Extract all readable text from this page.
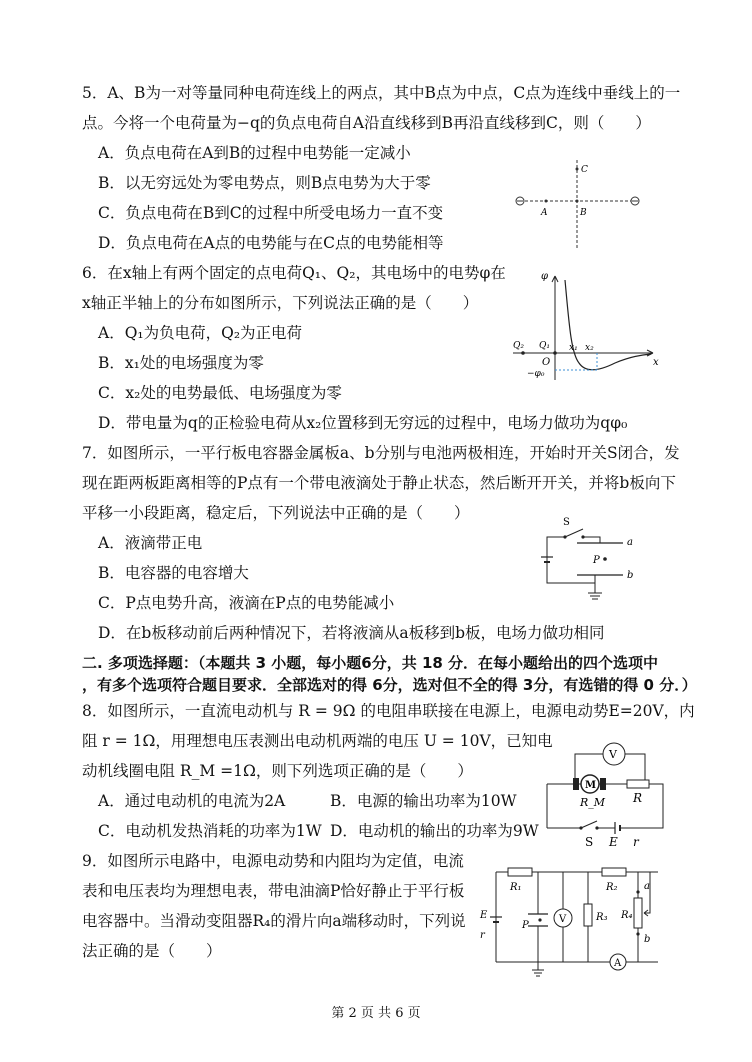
5．A、B为一对等量同种电荷连线上的两点，其中B点为中点，C点为连线中垂线上的一
点。今将一个电荷量为−q的负点电荷自A沿直线移到B再沿直线移到C，则（　　）
A．负点电荷在A到B的过程中电势能一定减小
B．以无穷远处为零电势点，则B点电势为大于零
C．负点电荷在B到C的过程中所受电场力一直不变
D．负点电荷在A点的电势能与在C点的电势能相等
A	B
C
6．在x轴上有两个固定的点电荷Q₁、Q₂，其电场中的电势φ在
x轴正半轴上的分布如图所示，下列说法正确的是（　　）
A．Q₁为负电荷，Q₂为正电荷
B．x₁处的电场强度为零
C．x₂处的电势最低、电场强度为零
D．带电量为q的正检验电荷从x₂位置移到无穷远的过程中，电场力做功为qφ₀
φ
x
O
Q₂ Q₁ x₁ x₂
−φ₀
7．如图所示，一平行板电容器金属板a、b分别与电池两极相连，开始时开关S闭合，发
现在距两板距离相等的P点有一个带电液滴处于静止状态，然后断开开关，并将b板向下
平移一小段距离，稳定后，下列说法中正确的是（　　）
A．液滴带正电
B．电容器的电容增大
C．P点电势升高，液滴在P点的电势能减小
D．在b板移动前后两种情况下，若将液滴从a板移到b板，电场力做功相同
S
a
b
P
二. 多项选择题：（本题共 3 小题，每小题6分，共 18 分．在每小题给出的四个选项中
，有多个选项符合题目要求．全部选对的得 6分，选对但不全的得 3分，有选错的得 0 分．）
8．如图所示，一直流电动机与 R = 9Ω 的电阻串联接在电源上，电源电动势E=20V，内
阻 r = 1Ω，用理想电压表测出电动机两端的电压 U = 10V，已知电
动机线圈电阻 R_M =1Ω，则下列选项正确的是（　　）
A．通过电动机的电流为2A	B．电源的输出功率为10W
C．电动机发热消耗的功率为1W D．电动机的输出的功率为9W
V
M
R_M R
S E r
9．如图所示电路中，电源电动势和内阻均为定值，电流
表和电压表均为理想电表，带电油滴P恰好静止于平行板
电容器中。当滑动变阻器R₄的滑片向a端移动时，下列说
法正确的是（　　）
V
A
R₁	R₂
R₃ R₄
E
r
P
a
b
第 2 页 共 6 页
